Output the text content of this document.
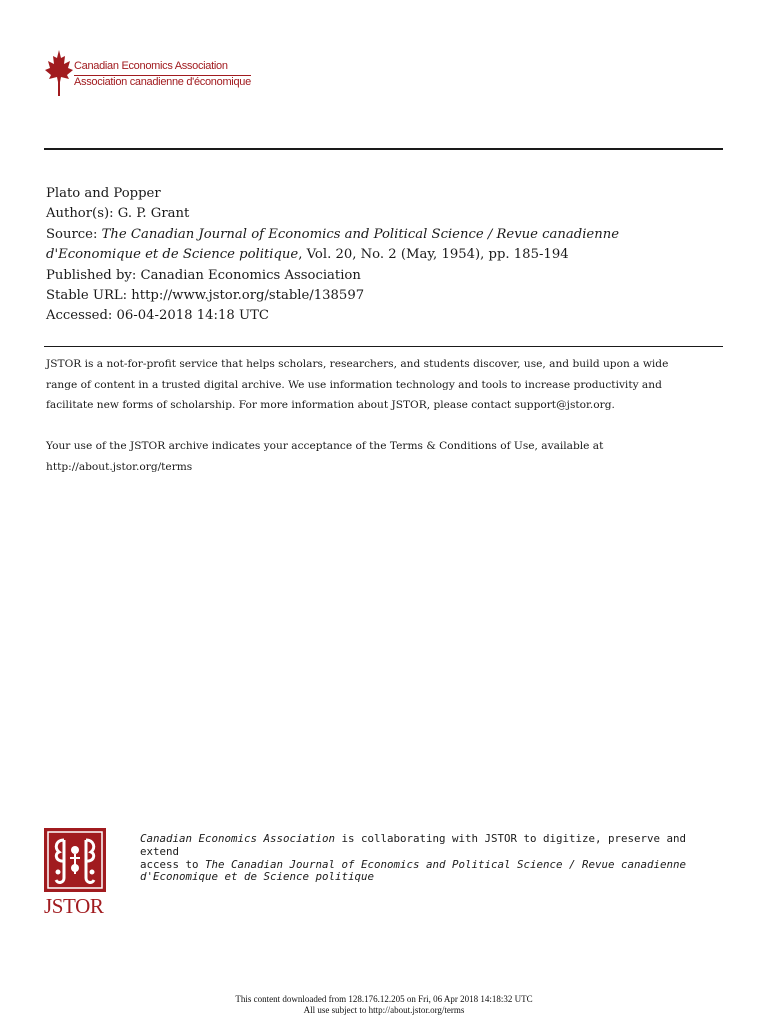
Canadian Economics Association
Association canadienne d'économique
Plato and Popper
Author(s): G. P. Grant
Source: The Canadian Journal of Economics and Political Science / Revue canadienne
d'Economique et de Science politique, Vol. 20, No. 2 (May, 1954), pp. 185-194
Published by: Canadian Economics Association
Stable URL: http://www.jstor.org/stable/138597
Accessed: 06-04-2018 14:18 UTC
JSTOR is a not-for-profit service that helps scholars, researchers, and students discover, use, and build upon a wide
range of content in a trusted digital archive. We use information technology and tools to increase productivity and
facilitate new forms of scholarship. For more information about JSTOR, please contact support@jstor.org.
Your use of the JSTOR archive indicates your acceptance of the Terms & Conditions of Use, available at
http://about.jstor.org/terms
JSTOR
Canadian Economics Association is collaborating with JSTOR to digitize, preserve and extend
access to The Canadian Journal of Economics and Political Science / Revue canadienne
d'Economique et de Science politique
This content downloaded from 128.176.12.205 on Fri, 06 Apr 2018 14:18:32 UTC
All use subject to http://about.jstor.org/terms
